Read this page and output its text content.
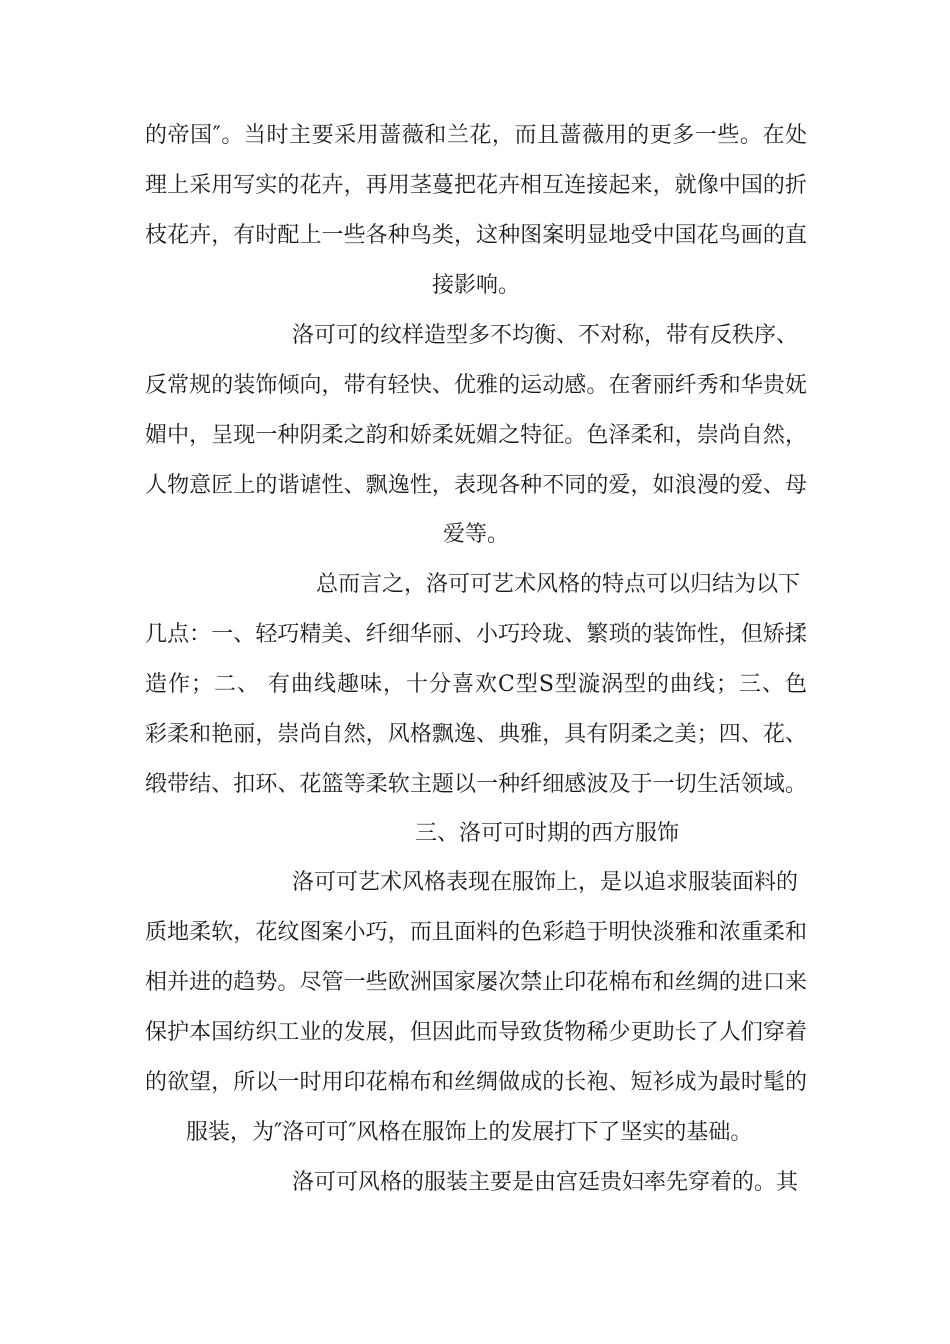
的帝国″。当时主要采用蔷薇和兰花，而且蔷薇用的更多一些。在处
理上采用写实的花卉，再用茎蔓把花卉相互连接起来，就像中国的折
枝花卉，有时配上一些各种鸟类，这种图案明显地受中国花鸟画的直
接影响。
洛可可的纹样造型多不均衡、不对称，带有反秩序、
反常规的装饰倾向，带有轻快、优雅的运动感。在奢丽纤秀和华贵妩
媚中，呈现一种阴柔之韵和娇柔妩媚之特征。色泽柔和，崇尚自然，
人物意匠上的谐谑性、飘逸性，表现各种不同的爱，如浪漫的爱、母
爱等。
总而言之，洛可可艺术风格的特点可以归结为以下
几点：一、轻巧精美、纤细华丽、小巧玲珑、繁琐的装饰性，但矫揉
造作；二、 有曲线趣味，十分喜欢C型S型漩涡型的曲线；三、色
彩柔和艳丽，崇尚自然，风格飘逸、典雅，具有阴柔之美；四、花、
缎带结、扣环、花篮等柔软主题以一种纤细感波及于一切生活领域。
三、洛可可时期的西方服饰
洛可可艺术风格表现在服饰上，是以追求服装面料的
质地柔软，花纹图案小巧，而且面料的色彩趋于明快淡雅和浓重柔和
相并进的趋势。尽管一些欧洲国家屡次禁止印花棉布和丝绸的进口来
保护本国纺织工业的发展，但因此而导致货物稀少更助长了人们穿着
的欲望，所以一时用印花棉布和丝绸做成的长袍、短衫成为最时髦的
服装，为″洛可可″风格在服饰上的发展打下了坚实的基础。
洛可可风格的服装主要是由宫廷贵妇率先穿着的。其
